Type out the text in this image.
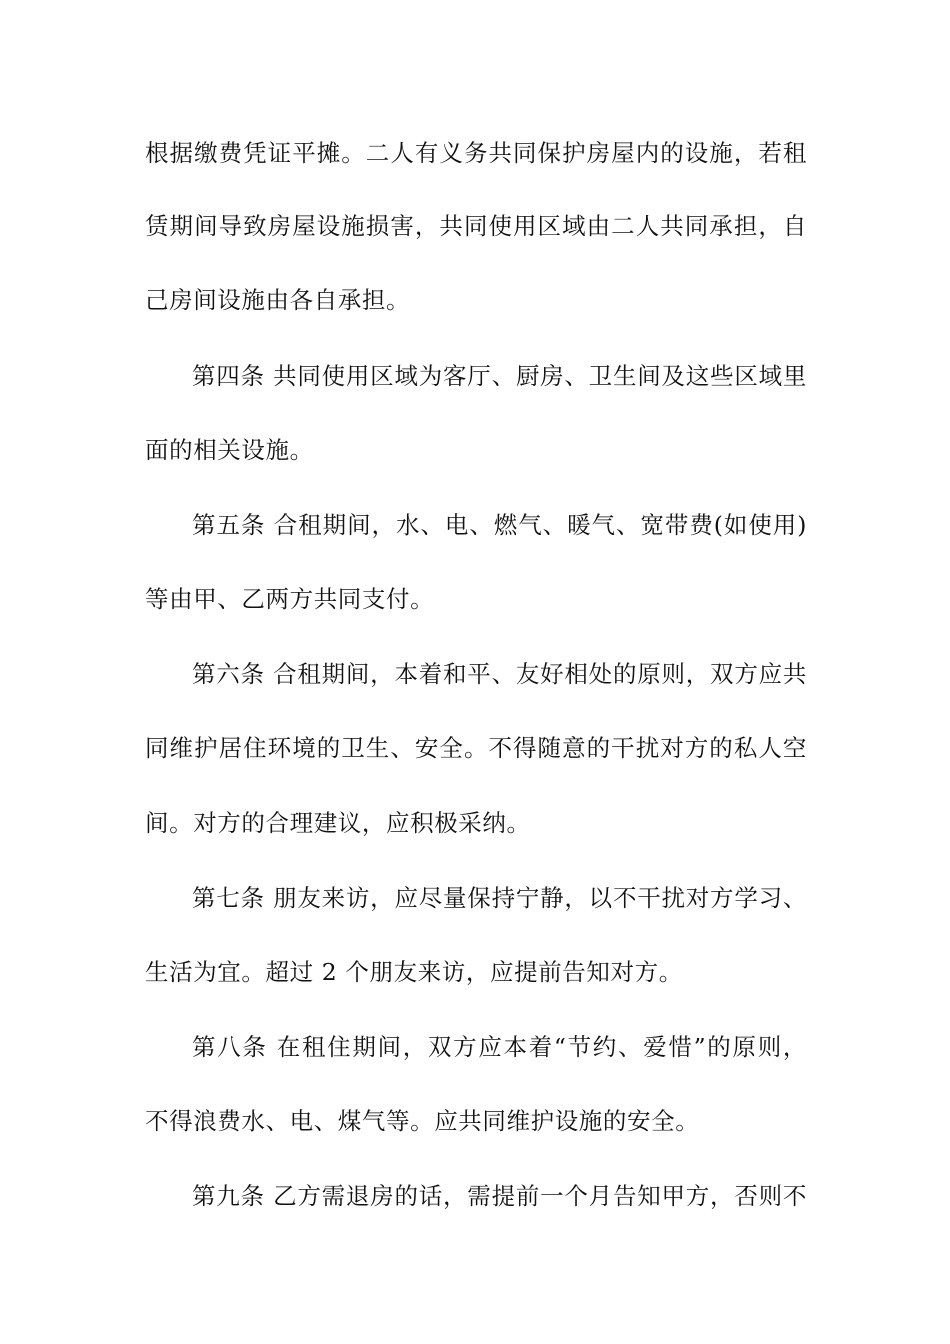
根据缴费凭证平摊。二人有义务共同保护房屋内的设施，若租
赁期间导致房屋设施损害，共同使用区域由二人共同承担，自
己房间设施由各自承担。
第四条 共同使用区域为客厅、厨房、卫生间及这些区域里
面的相关设施。
第五条 合租期间，水、电、燃气、暖气、宽带费(如使用)
等由甲、乙两方共同支付。
第六条 合租期间，本着和平、友好相处的原则，双方应共
同维护居住环境的卫生、安全。不得随意的干扰对方的私人空
间。对方的合理建议，应积极采纳。
第七条 朋友来访，应尽量保持宁静，以不干扰对方学习、
生活为宜。超过 2 个朋友来访，应提前告知对方。
第八条 在租住期间，双方应本着“节约、爱惜”的原则，
不得浪费水、电、煤气等。应共同维护设施的安全。
第九条 乙方需退房的话，需提前一个月告知甲方，否则不
